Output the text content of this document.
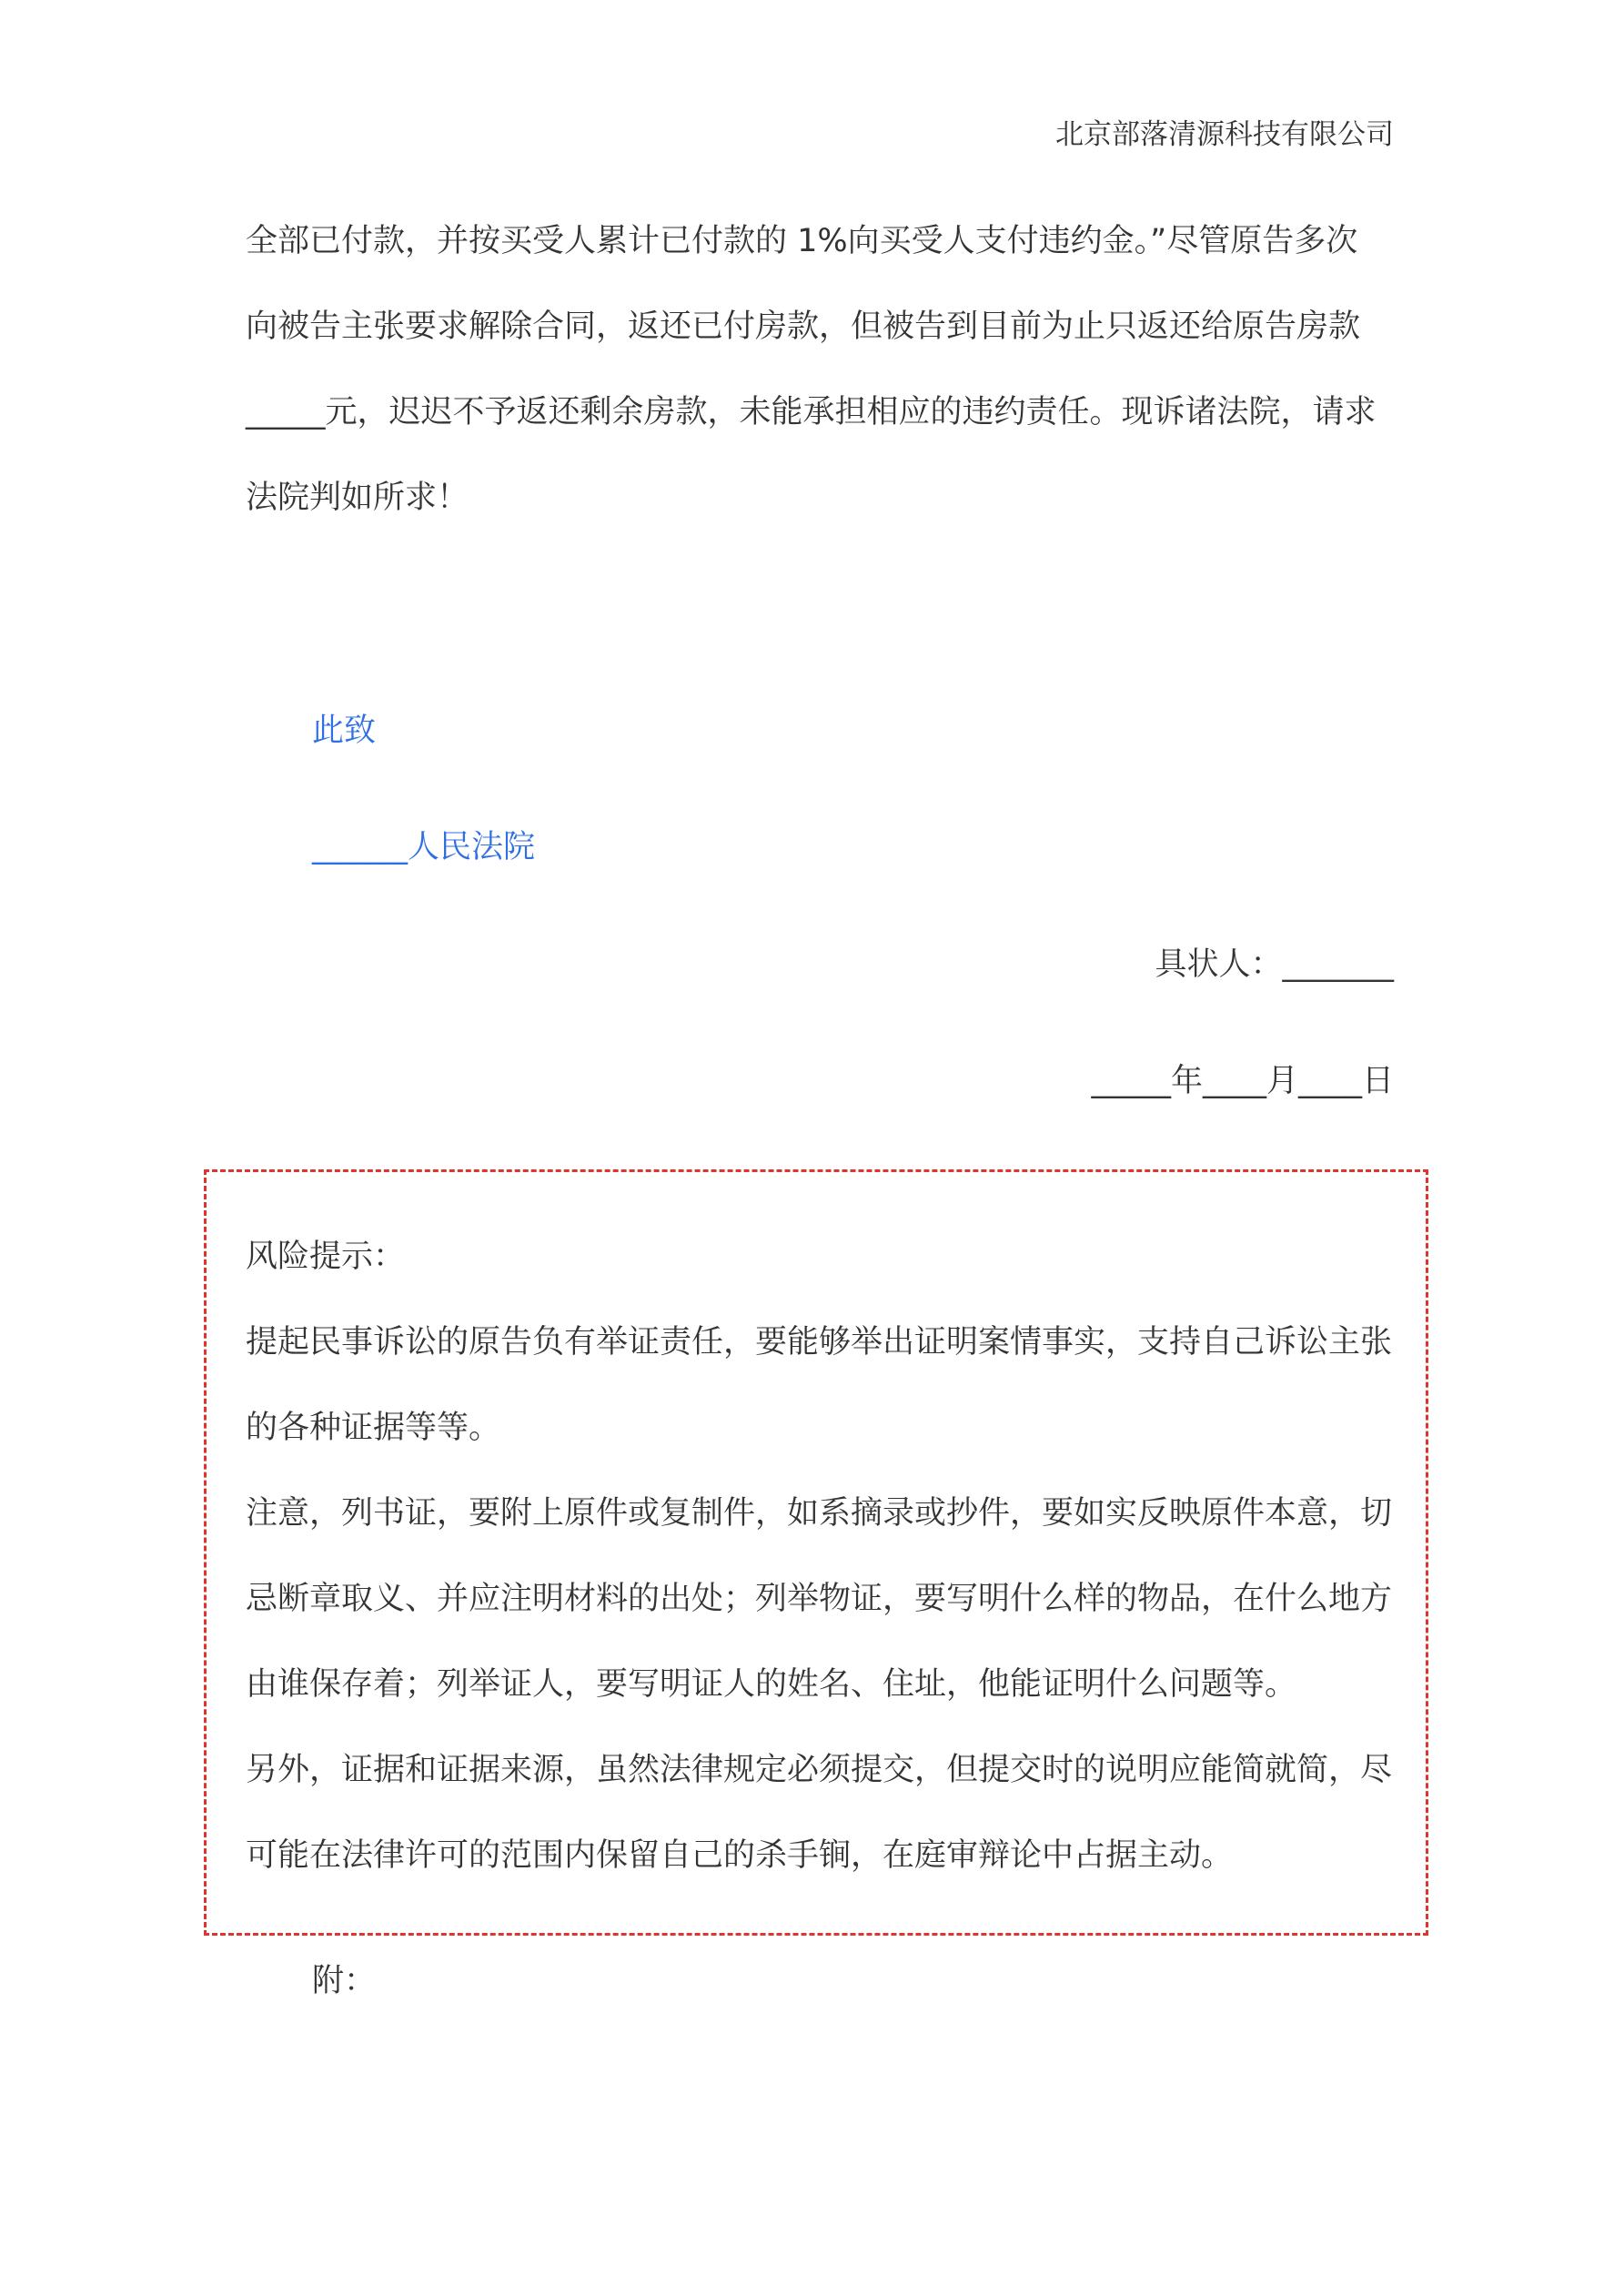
北京部落清源科技有限公司
全部已付款，并按买受人累计已付款的 1%向买受人支付违约金。”尽管原告多次
向被告主张要求解除合同，返还已付房款，但被告到目前为止只返还给原告房款
_____元，迟迟不予返还剩余房款，未能承担相应的违约责任。现诉诸法院，请求
法院判如所求！
此致
______人民法院
具状人：_______
_____年____月____日
风险提示：
提起民事诉讼的原告负有举证责任，要能够举出证明案情事实，支持自己诉讼主张
的各种证据等等。
注意，列书证，要附上原件或复制件，如系摘录或抄件，要如实反映原件本意，切
忌断章取义、并应注明材料的出处；列举物证，要写明什么样的物品，在什么地方
由谁保存着；列举证人，要写明证人的姓名、住址，他能证明什么问题等。
另外，证据和证据来源，虽然法律规定必须提交，但提交时的说明应能简就简，尽
可能在法律许可的范围内保留自己的杀手锏，在庭审辩论中占据主动。
附：
